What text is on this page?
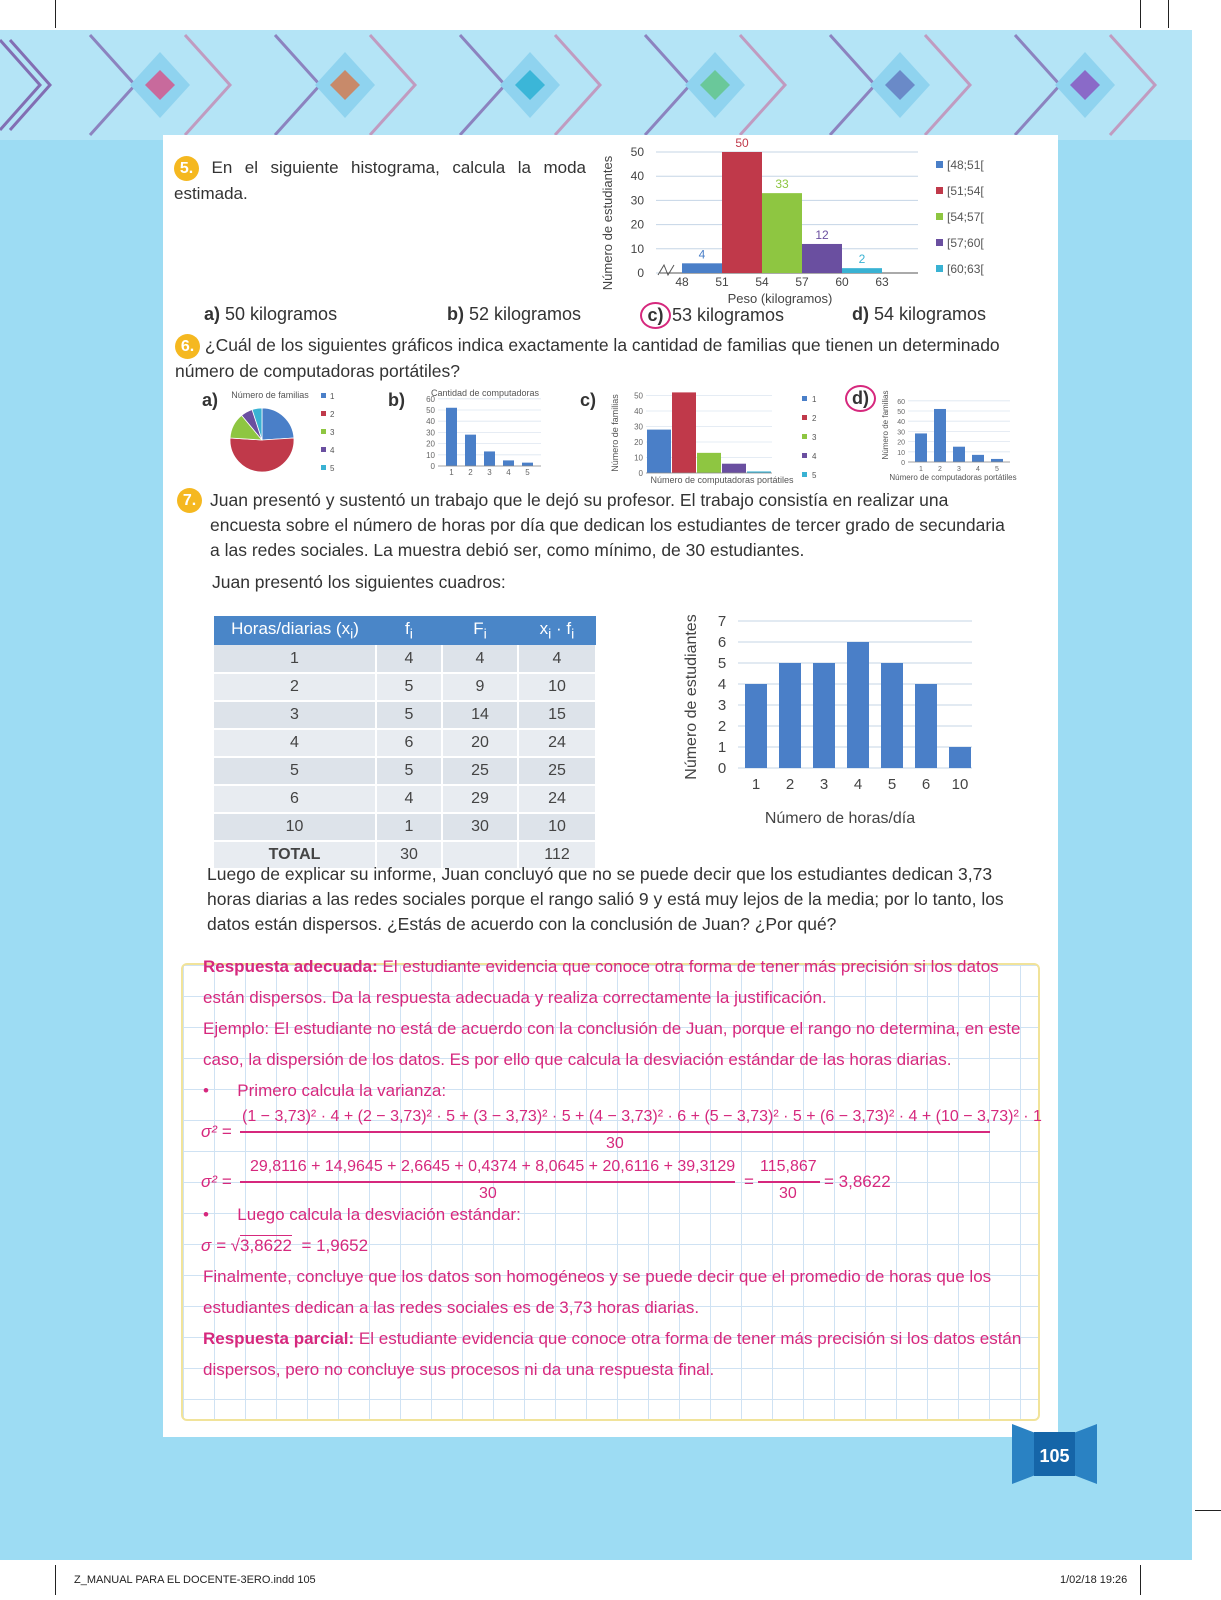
5. En el siguiente histograma, calcula la moda estimada.	Número de estudiantes 0
10
20
30
40
50
4
50
33
12
2
48 51 54 57 60 63
Peso (kilogramos)
[48;51[
[51;54[
[54;57[
[57;60[
[60;63[
a) 50 kilogramos	b) 52 kilogramos	c) 53 kilogramos	d) 54 kilogramos
6. ¿Cuál de los siguientes gráficos indica exactamente la cantidad de familias que tienen un determinado número de computadoras portátiles?
a) Número de familias	1
2
3
4
5
b)	Cantidad de computadoras
0
10
20
30
40
50
60
1 2 3 4 5
c) Número de familias
Número de computadoras portátiles
0
10
20
30
40
50	1
2
3
4
5
d)	Número de familias
Número de computadoras portátiles
0
10
20
30
40
50
60
1 2 3 4 5
7. Juan presentó y sustentó un trabajo que le dejó su profesor. El trabajo consistía en realizar una encuesta sobre el número de horas por día que dedican los estudiantes de tercer grado de secundaria a las redes sociales. La muestra debió ser, como mínimo, de 30 estudiantes.
Juan presentó los siguientes cuadros:
Horas/diarias $(x_i)$	$f_i$	$F_i$	$x_i \cdot f_i$
1	4	4	4
2	5	9	10
3	5	14	15
4	6	20	24
5	5	25	25
6	4	29	24
10	1	30	10
TOTAL	30		112
Número de estudiantes 0
1
2
3
4
5
6
7
1 2 3 4 5 6 10
Número de horas/día
Luego de explicar su informe, Juan concluyó que no se puede decir que los estudiantes dedican 3,73 horas diarias a las redes sociales porque el rango salió 9 y está muy lejos de la media; por lo tanto, los datos están dispersos. ¿Estás de acuerdo con la conclusión de Juan? ¿Por qué?
Respuesta adecuada: El estudiante evidencia que conoce otra forma de tener más precisión si los datos
están dispersos. Da la respuesta adecuada y realiza correctamente la justificación.
Ejemplo: El estudiante no está de acuerdo con la conclusión de Juan, porque el rango no determina, en este
caso, la dispersión de los datos. Es por ello que calcula la desviación estándar de las horas diarias.
•      Primero calcula la varianza:
σ² =
(1 − 3,73)² · 4 + (2 − 3,73)² · 5 + (3 − 3,73)² · 5 + (4 − 3,73)² · 6 + (5 − 3,73)² · 5 + (6 − 3,73)² · 4 + (10 − 3,73)² · 1
30
σ² =
29,8116 + 14,9645 + 2,6645 + 0,4374 + 8,0645 + 20,6116 + 39,3129
30
=
115,867
30
= 3,8622
•      Luego calcula la desviación estándar:
σ = √3,8622 = 1,9652
Finalmente, concluye que los datos son homogéneos y se puede decir que el promedio de horas que los
estudiantes dedican a las redes sociales es de 3,73 horas diarias.
Respuesta parcial: El estudiante evidencia que conoce otra forma de tener más precisión si los datos están
dispersos, pero no concluye sus procesos ni da una respuesta final.
105
Z_MANUAL PARA EL DOCENTE-3ERO.indd 105	1/02/18 19:26
